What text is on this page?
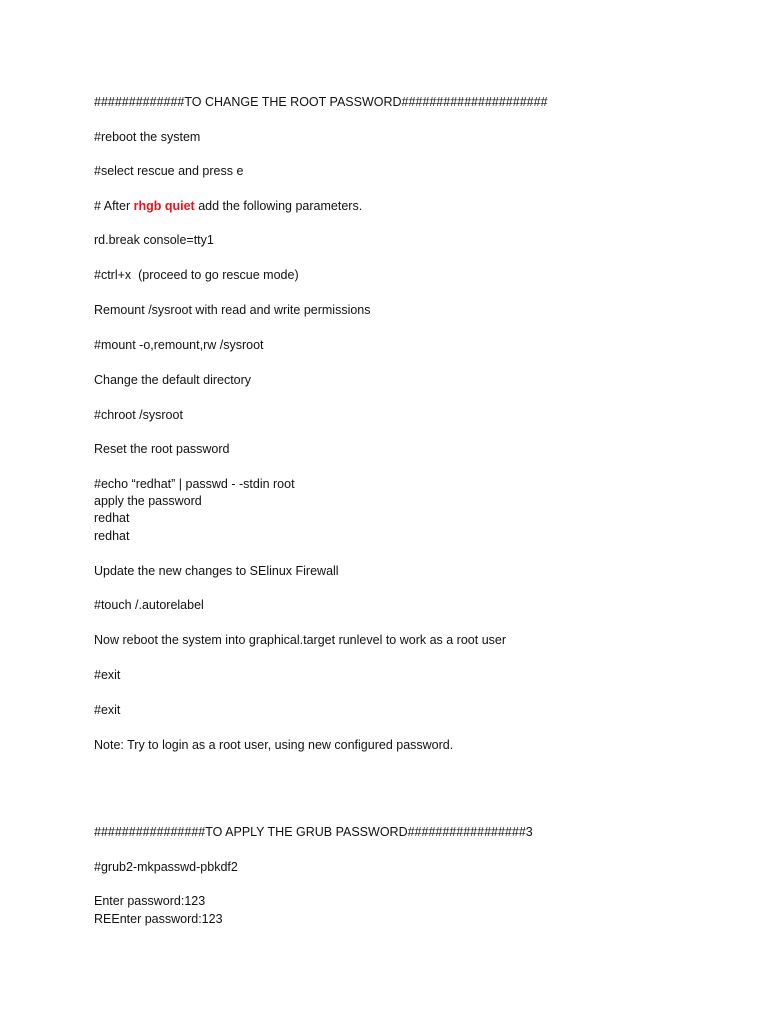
#############TO CHANGE THE ROOT PASSWORD#####################

#reboot the system

#select rescue and press e

# After rhgb quiet add the following parameters.

rd.break console=tty1

#ctrl+x  (proceed to go rescue mode)

Remount /sysroot with read and write permissions

#mount -o,remount,rw /sysroot

Change the default directory

#chroot /sysroot

Reset the root password

#echo “redhat” | passwd - -stdin root

apply the password

redhat

redhat

Update the new changes to SElinux Firewall

#touch /.autorelabel

Now reboot the system into graphical.target runlevel to work as a root user

#exit

#exit

Note: Try to login as a root user, using new configured password.

################TO APPLY THE GRUB PASSWORD#################3

#grub2-mkpasswd-pbkdf2

Enter password:123

REEnter password:123
